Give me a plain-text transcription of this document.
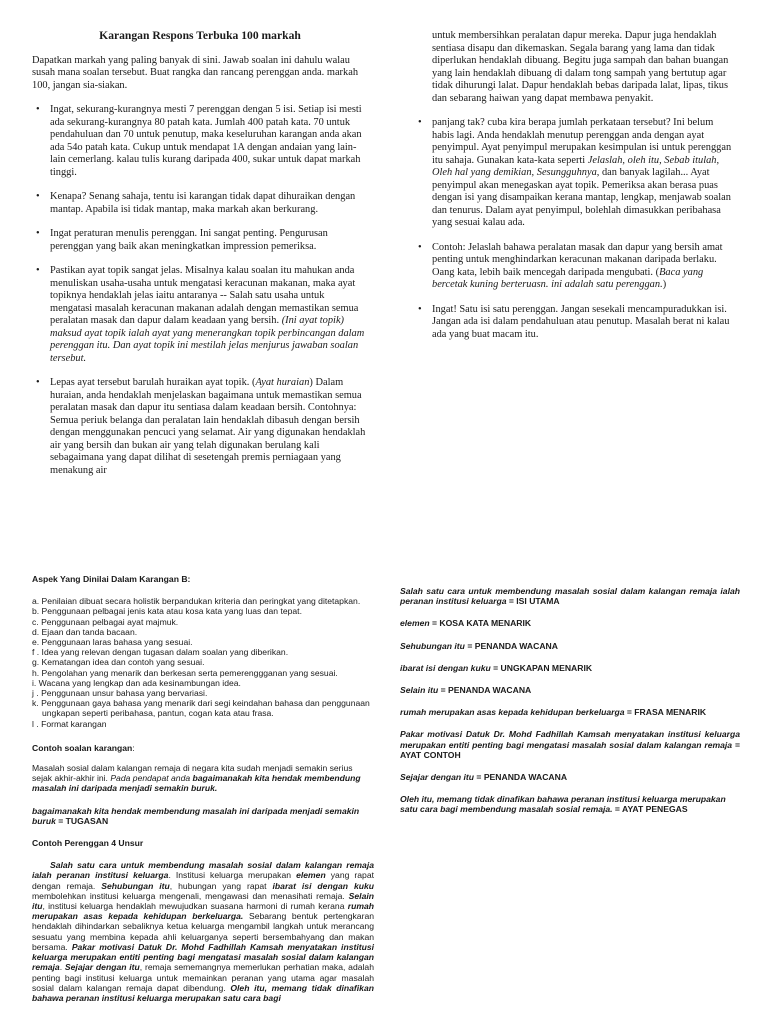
Karangan Respons Terbuka 100 markah

Dapatkan markah yang paling banyak di sini. Jawab soalan ini dahulu walau susah mana soalan tersebut. Buat rangka dan rancang perenggan anda. markah 100, jangan sia-siakan.

• Ingat, sekurang-kurangnya mesti 7 perenggan dengan 5 isi. Setiap isi mesti ada sekurang-kurangnya 80 patah kata. Jumlah 400 patah kata. 70 untuk pendahuluan dan 70 untuk penutup, maka keseluruhan karangan anda akan ada 54o patah kata. Cukup untuk mendapat 1A dengan andaian yang lain-lain cemerlang. kalau tulis kurang daripada 400, sukar untuk dapat markah tinggi.
• Kenapa? Senang sahaja, tentu isi karangan tidak dapat dihuraikan dengan mantap. Apabila isi tidak mantap, maka markah akan berkurang.
• Ingat peraturan menulis perenggan. Ini sangat penting. Pengurusan perenggan yang baik akan meningkatkan impression pemeriksa.
• Pastikan ayat topik sangat jelas. Misalnya kalau soalan itu mahukan anda menuliskan usaha-usaha untuk mengatasi keracunan makanan, maka ayat topiknya hendaklah jelas iaitu antaranya -- Salah satu usaha untuk mengatasi masalah keracunan makanan adalah dengan memastikan semua peralatan masak dan dapur dalam keadaan yang bersih. (Ini ayat topik) maksud ayat topik ialah ayat yang menerangkan topik perbincangan dalam perenggan itu. Dan ayat topik ini mestilah jelas menjurus jawaban soalan tersebut.
• Lepas ayat tersebut barulah huraikan ayat topik. (Ayat huraian) Dalam huraian, anda hendaklah menjelaskan bagaimana untuk memastikan semua peralatan masak dan dapur itu sentiasa dalam keadaan bersih. Contohnya: Semua periuk belanga dan peralatan lain hendaklah dibasuh dengan bersih dengan menggunakan pencuci yang selamat. Air yang digunakan hendaklah air yang bersih dan bukan air yang telah digunakan berulang kali sebagaimana yang dapat dilihat di sesetengah premis perniagaan yang menakung air

untuk membersihkan peralatan dapur mereka. Dapur juga hendaklah sentiasa disapu dan dikemaskan. Segala barang yang lama dan tidak diperlukan hendaklah dibuang. Begitu juga sampah dan bahan buangan yang lain hendaklah dibuang di dalam tong sampah yang bertutup agar tidak dihurungi lalat. Dapur hendaklah bebas daripada lalat, lipas, tikus dan sebarang haiwan yang dapat membawa penyakit.

• panjang tak? cuba kira berapa jumlah perkataan tersebut? Ini belum habis lagi. Anda hendaklah menutup perenggan anda dengan ayat penyimpul. Ayat penyimpul merupakan kesimpulan isi untuk perenggan itu sahaja. Gunakan kata-kata seperti Jelaslah, oleh itu, Sebab itulah, Oleh hal yang demikian, Sesungguhnya, dan banyak lagilah... Ayat penyimpul akan menegaskan ayat topik. Pemeriksa akan berasa puas dengan isi yang disampaikan kerana mantap, lengkap, menjawab soalan dan tenurus. Dalam ayat penyimpul, bolehlah dimasukkan peribahasa yang sesuai kalau ada.
• Contoh: Jelaslah bahawa peralatan masak dan dapur yang bersih amat penting untuk menghindarkan keracunan makanan daripada berlaku. Oang kata, lebih baik mencegah daripada mengubati. (Baca yang bercetak kuning berteruasn. ini adalah satu perenggan.)
• Ingat! Satu isi satu perenggan. Jangan sesekali mencampuradukkan isi. Jangan ada isi dalam pendahuluan atau penutup. Masalah berat ni kalau ada yang buat macam itu.
Aspek Yang Dinilai Dalam Karangan B:
a. Penilaian dibuat secara holistik berpandukan kriteria dan peringkat yang ditetapkan.
b. Penggunaan pelbagai jenis kata atau kosa kata yang luas dan tepat.
c. Penggunaan pelbagai ayat majmuk.
d. Ejaan dan tanda bacaan.
e. Penggunaan laras bahasa yang sesuai.
f . Idea yang relevan dengan tugasan dalam soalan yang diberikan.
g. Kematangan idea dan contoh yang sesuai.
h. Pengolahan yang menarik dan berkesan serta pemerenggganan yang sesuai.
i. Wacana yang lengkap dan ada kesinambungan idea.
j . Penggunaan unsur bahasa yang bervariasi.
k. Penggunaan gaya bahasa yang menarik dari segi keindahan bahasa dan penggunaan ungkapan seperti peribahasa, pantun, cogan kata atau frasa.
l . Format karangan
Contoh soalan karangan:

Masalah sosial dalam kalangan remaja di negara kita sudah menjadi semakin serius sejak akhir-akhir ini. Pada pendapat anda bagaimanakah kita hendak membendung masalah ini daripada menjadi semakin buruk.

bagaimanakah kita hendak membendung masalah ini daripada menjadi semakin buruk = TUGASAN

Contoh Perenggan 4 Unsur

Salah satu cara untuk membendung masalah sosial dalam kalangan remaja ialah peranan institusi keluarga. Institusi keluarga merupakan elemen yang rapat dengan remaja. Sehubungan itu, hubungan yang rapat ibarat isi dengan kuku membolehkan institusi keluarga mengenali, mengawasi dan menasihati remaja. Selain itu, institusi keluarga hendaklah mewujudkan suasana harmoni di rumah kerana rumah merupakan asas kepada kehidupan berkeluarga. Sebarang bentuk pertengkaran hendaklah dihindarkan sebaliknya ketua keluarga mengambil langkah untuk merancang sesuatu yang membina kepada ahli keluarganya seperti bersembahyang dan makan bersama. Pakar motivasi Datuk Dr. Mohd Fadhillah Kamsah menyatakan institusi keluarga merupakan entiti penting bagi mengatasi masalah sosial dalam kalangan remaja. Sejajar dengan itu, remaja sememangnya memerlukan perhatian maka, adalah penting bagi institusi keluarga untuk memainkan peranan yang utama agar masalah sosial dalam kalangan remaja dapat dibendung. Oleh itu, memang tidak dinafikan bahawa peranan institusi keluarga merupakan satu cara bagi

Salah satu cara untuk membendung masalah sosial dalam kalangan remaja ialah peranan institusi keluarga = ISI UTAMA

elemen = KOSA KATA MENARIK

Sehubungan itu = PENANDA WACANA

ibarat isi dengan kuku = UNGKAPAN MENARIK

Selain itu = PENANDA WACANA

rumah merupakan asas kepada kehidupan berkeluarga = FRASA MENARIK

Pakar motivasi Datuk Dr. Mohd Fadhillah Kamsah menyatakan institusi keluarga merupakan entiti penting bagi mengatasi masalah sosial dalam kalangan remaja = AYAT CONTOH

Sejajar dengan itu = PENANDA WACANA

Oleh itu, memang tidak dinafikan bahawa peranan institusi keluarga merupakan satu cara bagi membendung masalah sosial remaja. = AYAT PENEGAS
